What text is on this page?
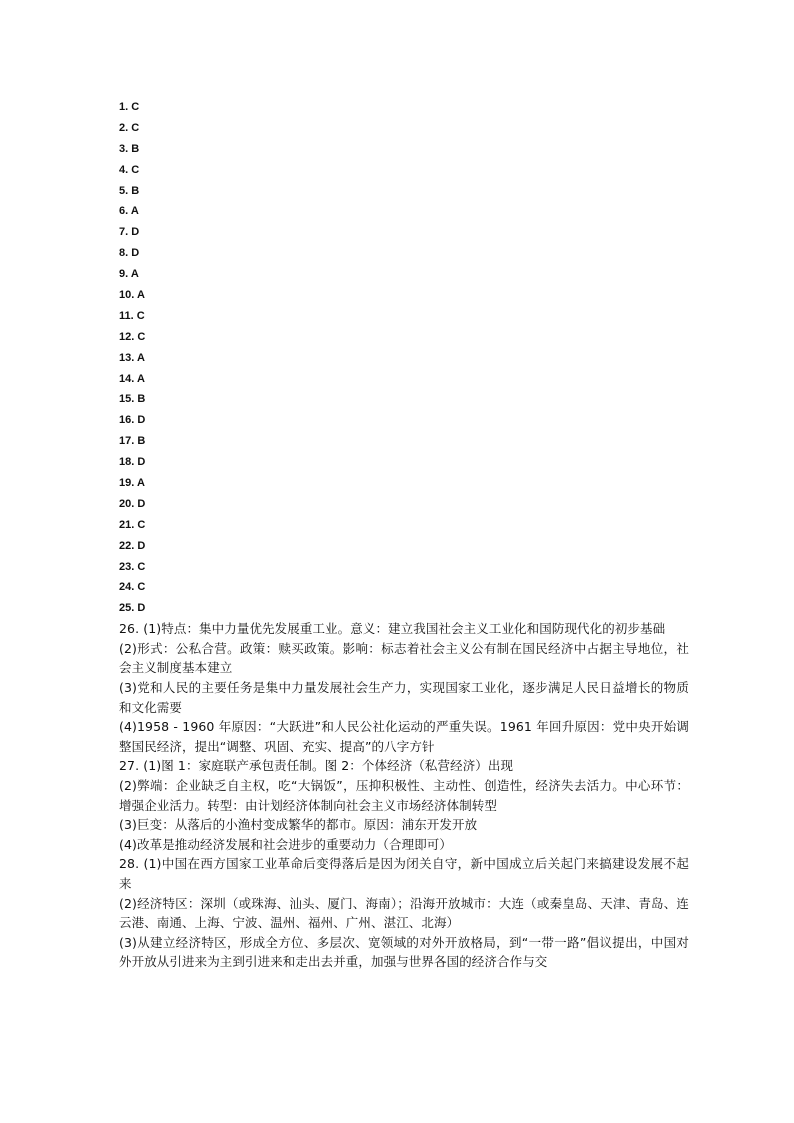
1. C
2. C
3. B
4. C
5. B
6. A
7. D
8. D
9. A
10. A
11. C
12. C
13. A
14. A
15. B
16. D
17. B
18. D
19. A
20. D
21. C
22. D
23. C
24. C
25. D

26. (1)特点：集中力量优先发展重工业。意义：建立我国社会主义工业化和国防现代化的初步基础

(2)形式：公私合营。政策：赎买政策。影响：标志着社会主义公有制在国民经济中占据主导地位，社会主义制度基本建立

(3)党和人民的主要任务是集中力量发展社会生产力，实现国家工业化，逐步满足人民日益增长的物质和文化需要

(4)1958 - 1960 年原因：“大跃进”和人民公社化运动的严重失误。1961 年回升原因：党中央开始调整国民经济，提出“调整、巩固、充实、提高”的八字方针

27. (1)图 1：家庭联产承包责任制。图 2：个体经济（私营经济）出现

(2)弊端：企业缺乏自主权，吃“大锅饭”，压抑积极性、主动性、创造性，经济失去活力。中心环节：增强企业活力。转型：由计划经济体制向社会主义市场经济体制转型

(3)巨变：从落后的小渔村变成繁华的都市。原因：浦东开发开放

(4)改革是推动经济发展和社会进步的重要动力（合理即可）

28. (1)中国在西方国家工业革命后变得落后是因为闭关自守，新中国成立后关起门来搞建设发展不起来

(2)经济特区：深圳（或珠海、汕头、厦门、海南）；沿海开放城市：大连（或秦皇岛、天津、青岛、连云港、南通、上海、宁波、温州、福州、广州、湛江、北海）

(3)从建立经济特区，形成全方位、多层次、宽领域的对外开放格局，到“一带一路”倡议提出，中国对外开放从引进来为主到引进来和走出去并重，加强与世界各国的经济合作与交
